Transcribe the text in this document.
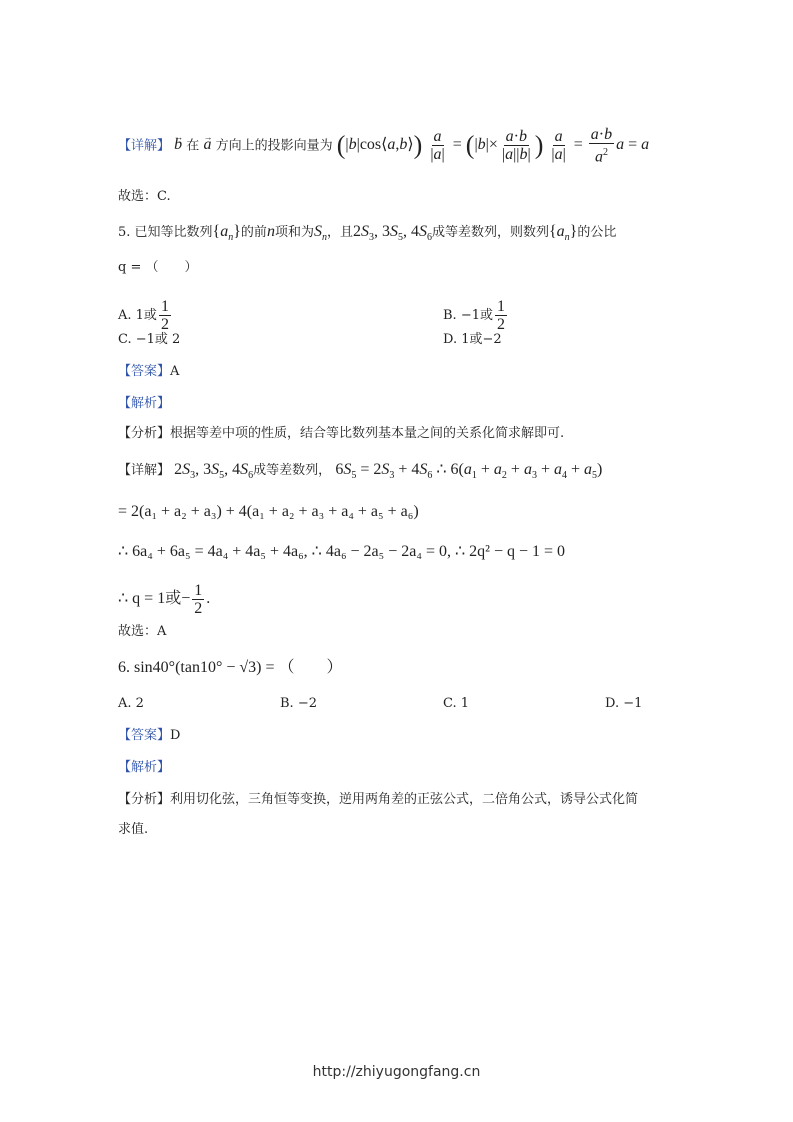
【详解】 → b 在 → a 方向上的投影向量为 (|b|cos⟨a,b⟩) $\frac{a}{|a|} = (|b|\times \frac{a\cdot b}{|a||b|}$ ) $\frac{a}{|a|} = \frac{a\cdot b}{a^2}$ a = a
故选：C.
5. 已知等比数列$\{a_n\}$的前n项和为$S_n$，且$2S_3$, $3S_5$, $4S_6$成等差数列，则数列$\{a_n\}$的公比
q = （　　）
A. 1或 $\frac{1}{2}$	B. −1或 $\frac{1}{2}$
C. −1或 2	D. 1或−2
【答案】A
【解析】
【分析】根据等差中项的性质，结合等比数列基本量之间的关系化简求解即可.
【详解】 $2S_3$, $3S_5$, $4S_6$成等差数列， $6S_5 = 2S_3 + 4S_6$ ∴ $6(a_1 + a_2 + a_3 + a_4 + a_5)$
= 2(a₁ + a₂ + a₃) + 4(a₁ + a₂ + a₃ + a₄ + a₅ + a₆)
∴ 6a₄ + 6a₅ = 4a₄ + 4a₅ + 4a₆, ∴ 4a₆ − 2a₅ − 2a₄ = 0, ∴ 2q² − q − 1 = 0
∴ q = 1或− $\frac{1}{2}$ .
故选：A
6. sin40°(tan10° − √3) = （　　）
A. 2	B. −2	C. 1	D. −1
【答案】D
【解析】
【分析】利用切化弦，三角恒等变换，逆用两角差的正弦公式，二倍角公式，诱导公式化简
求值.
http://zhiyugongfang.cn
